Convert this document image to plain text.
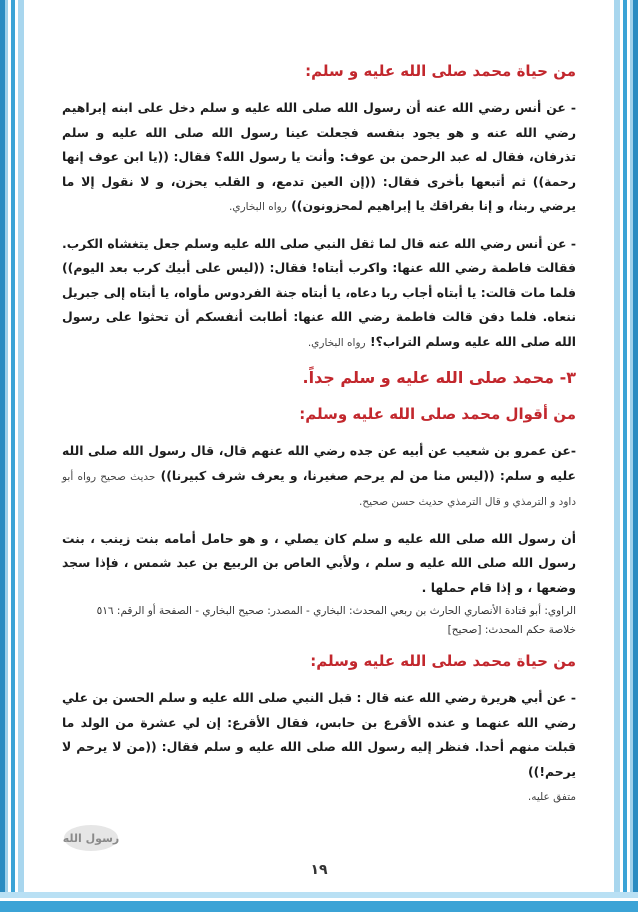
من حياة محمد صلى الله عليه و سلم:

- عن أنس رضي الله عنه أن رسول الله صلى الله عليه و سلم دخل على ابنه إبراهيم رضي الله عنه و هو يجود بنفسه فجعلت عينا رسول الله صلى الله عليه و سلم تذرفان، فقال له عبد الرحمن بن عوف: وأنت يا رسول الله؟ فقال: ((يا ابن عوف إنها رحمة)) ثم أتبعها بأخرى فقال: ((إن العين تدمع، و القلب يحزن، و لا نقول إلا ما يرضي ربنا، و إنا بفراقك يا إبراهيم لمحزونون)) رواه البخاري.

- عن أنس رضي الله عنه قال لما ثقل النبي صلى الله عليه وسلم جعل يتغشاه الكرب. فقالت فاطمة رضي الله عنها: واكرب أبتاه! فقال: ((ليس على أبيك كرب بعد اليوم)) فلما مات قالت: يا أبتاه أجاب ربا دعاه، يا أبتاه جنة الفردوس مأواه، يا أبتاه إلى جبريل ننعاه. فلما دفن قالت فاطمة رضي الله عنها: أطابت أنفسكم أن تحثوا على رسول الله صلى الله عليه وسلم التراب؟! رواه البخاري.

٣- محمد صلى الله عليه و سلم جداً.
من أقوال محمد صلى الله عليه وسلم:

-عن عمرو بن شعيب عن أبيه عن جده رضي الله عنهم قال، قال رسول الله صلى الله عليه و سلم: ((ليس منا من لم يرحم صغيرنا، و يعرف شرف كبيرنا)) حديث صحيح رواه أبو داود و الترمذي و قال الترمذي حديث حسن صحيح.

أن رسول الله صلى الله عليه و سلم كان يصلي ، و هو حامل أمامه بنت زينب ، بنت رسول الله صلى الله عليه و سلم ، ولأبي العاص بن الربيع بن عبد شمس ، فإذا سجد وضعها ، و إذا قام حملها .

الراوي: أبو قتادة الأنصاري الحارث بن ربعي المحدث: البخاري - المصدر: صحيح البخاري - الصفحة أو الرقم: ٥١٦

خلاصة حكم المحدث: [صحيح]

من حياة محمد صلى الله عليه وسلم:

- عن أبي هريرة رضي الله عنه قال : قبل النبي صلى الله عليه و سلم الحسن بن علي رضي الله عنهما و عنده الأقرع بن حابس، فقال الأقرع: إن لي عشرة من الولد ما قبلت منهم أحدا. فنظر إليه رسول الله صلى الله عليه و سلم فقال: ((من لا يرحم لا يرحم!))
متفق عليه.

رسول الله
١٩
